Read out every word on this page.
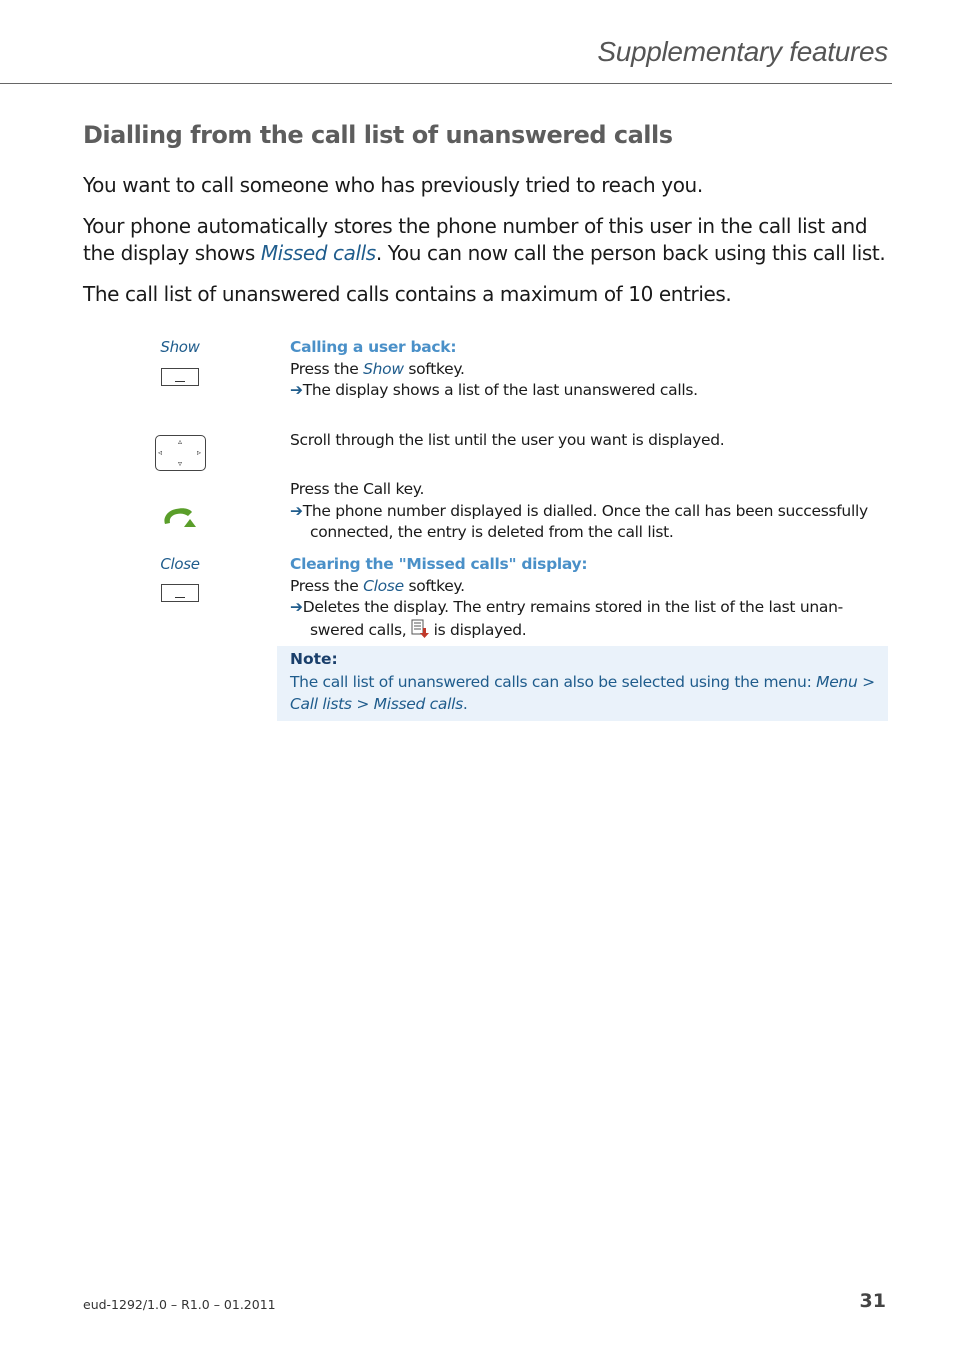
Supplementary features
Dialling from the call list of unanswered calls
You want to call someone who has previously tried to reach you.
Your phone automatically stores the phone number of this user in the call list and the display shows Missed calls. You can now call the person back using this call list.
The call list of unanswered calls contains a maximum of 10 entries.
Show
▵
▿
◃	▹
Close
Calling a user back:
Press the Show softkey.
➔The display shows a list of the last unanswered calls.
Scroll through the list until the user you want is displayed.
Press the Call key.
➔The phone number displayed is dialled. Once the call has been successfully
connected, the entry is deleted from the call list.
Clearing the "Missed calls" display:
Press the Close softkey.
➔Deletes the display. The entry remains stored in the list of the last unan-
swered calls,  is displayed.
Note:
The call list of unanswered calls can also be selected using the menu: Menu > Call lists > Missed calls.
eud-1292/1.0 – R1.0 – 01.2011	31
